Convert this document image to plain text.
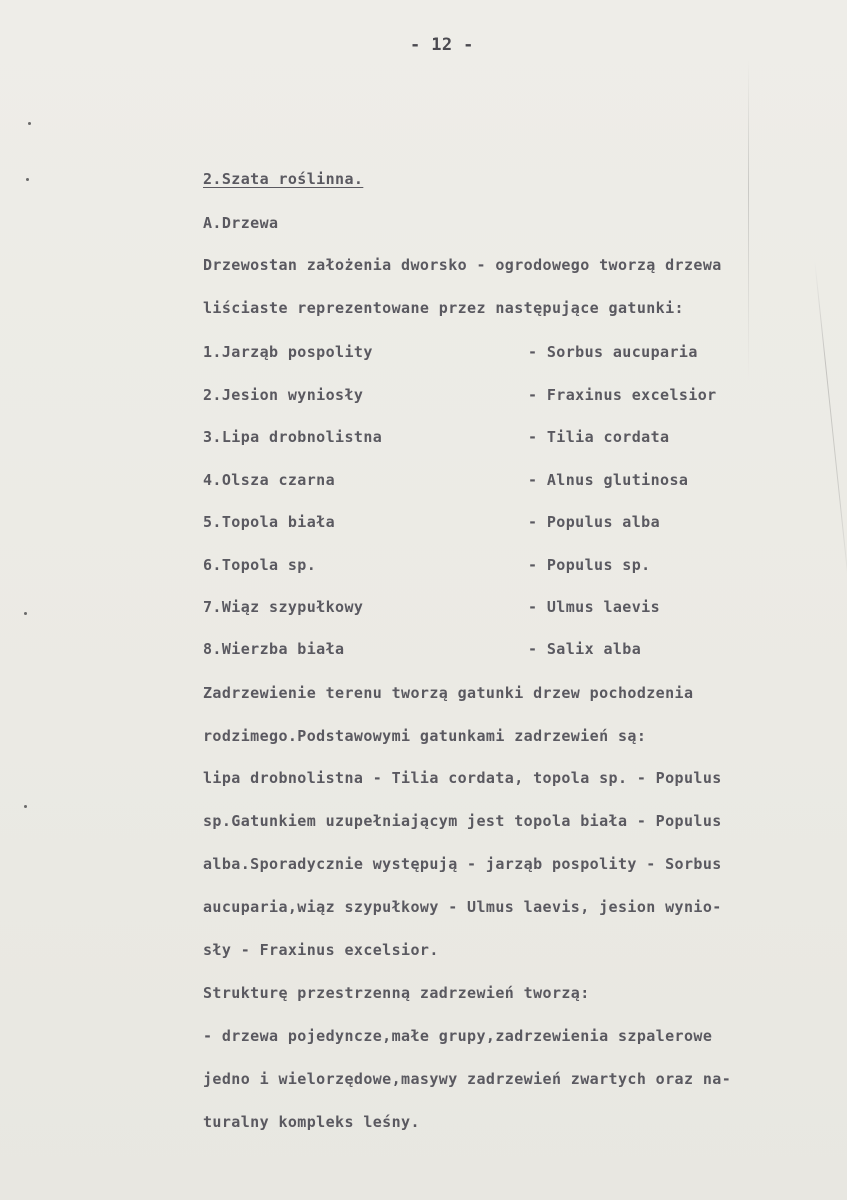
- 12 -
2.Szata roślinna.
A.Drzewa
Drzewostan założenia dworsko - ogrodowego tworzą drzewa
liściaste reprezentowane przez następujące gatunki:
1.Jarząb pospolity	- Sorbus aucuparia
2.Jesion wyniosły	- Fraxinus excelsior
3.Lipa drobnolistna	- Tilia cordata
4.Olsza czarna	- Alnus glutinosa
5.Topola biała	- Populus alba
6.Topola sp.	- Populus sp.
7.Wiąz szypułkowy	- Ulmus laevis
8.Wierzba biała	- Salix alba
Zadrzewienie terenu tworzą gatunki drzew pochodzenia
rodzimego.Podstawowymi gatunkami zadrzewień są:
lipa drobnolistna - Tilia cordata, topola sp. - Populus
sp.Gatunkiem uzupełniającym jest topola biała - Populus
alba.Sporadycznie występują - jarząb pospolity - Sorbus
aucuparia,wiąz szypułkowy - Ulmus laevis, jesion wynio-
sły - Fraxinus excelsior.
Strukturę przestrzenną zadrzewień tworzą:
- drzewa pojedyncze,małe grupy,zadrzewienia szpalerowe
jedno i wielorzędowe,masywy zadrzewień zwartych oraz na-
turalny kompleks leśny.
